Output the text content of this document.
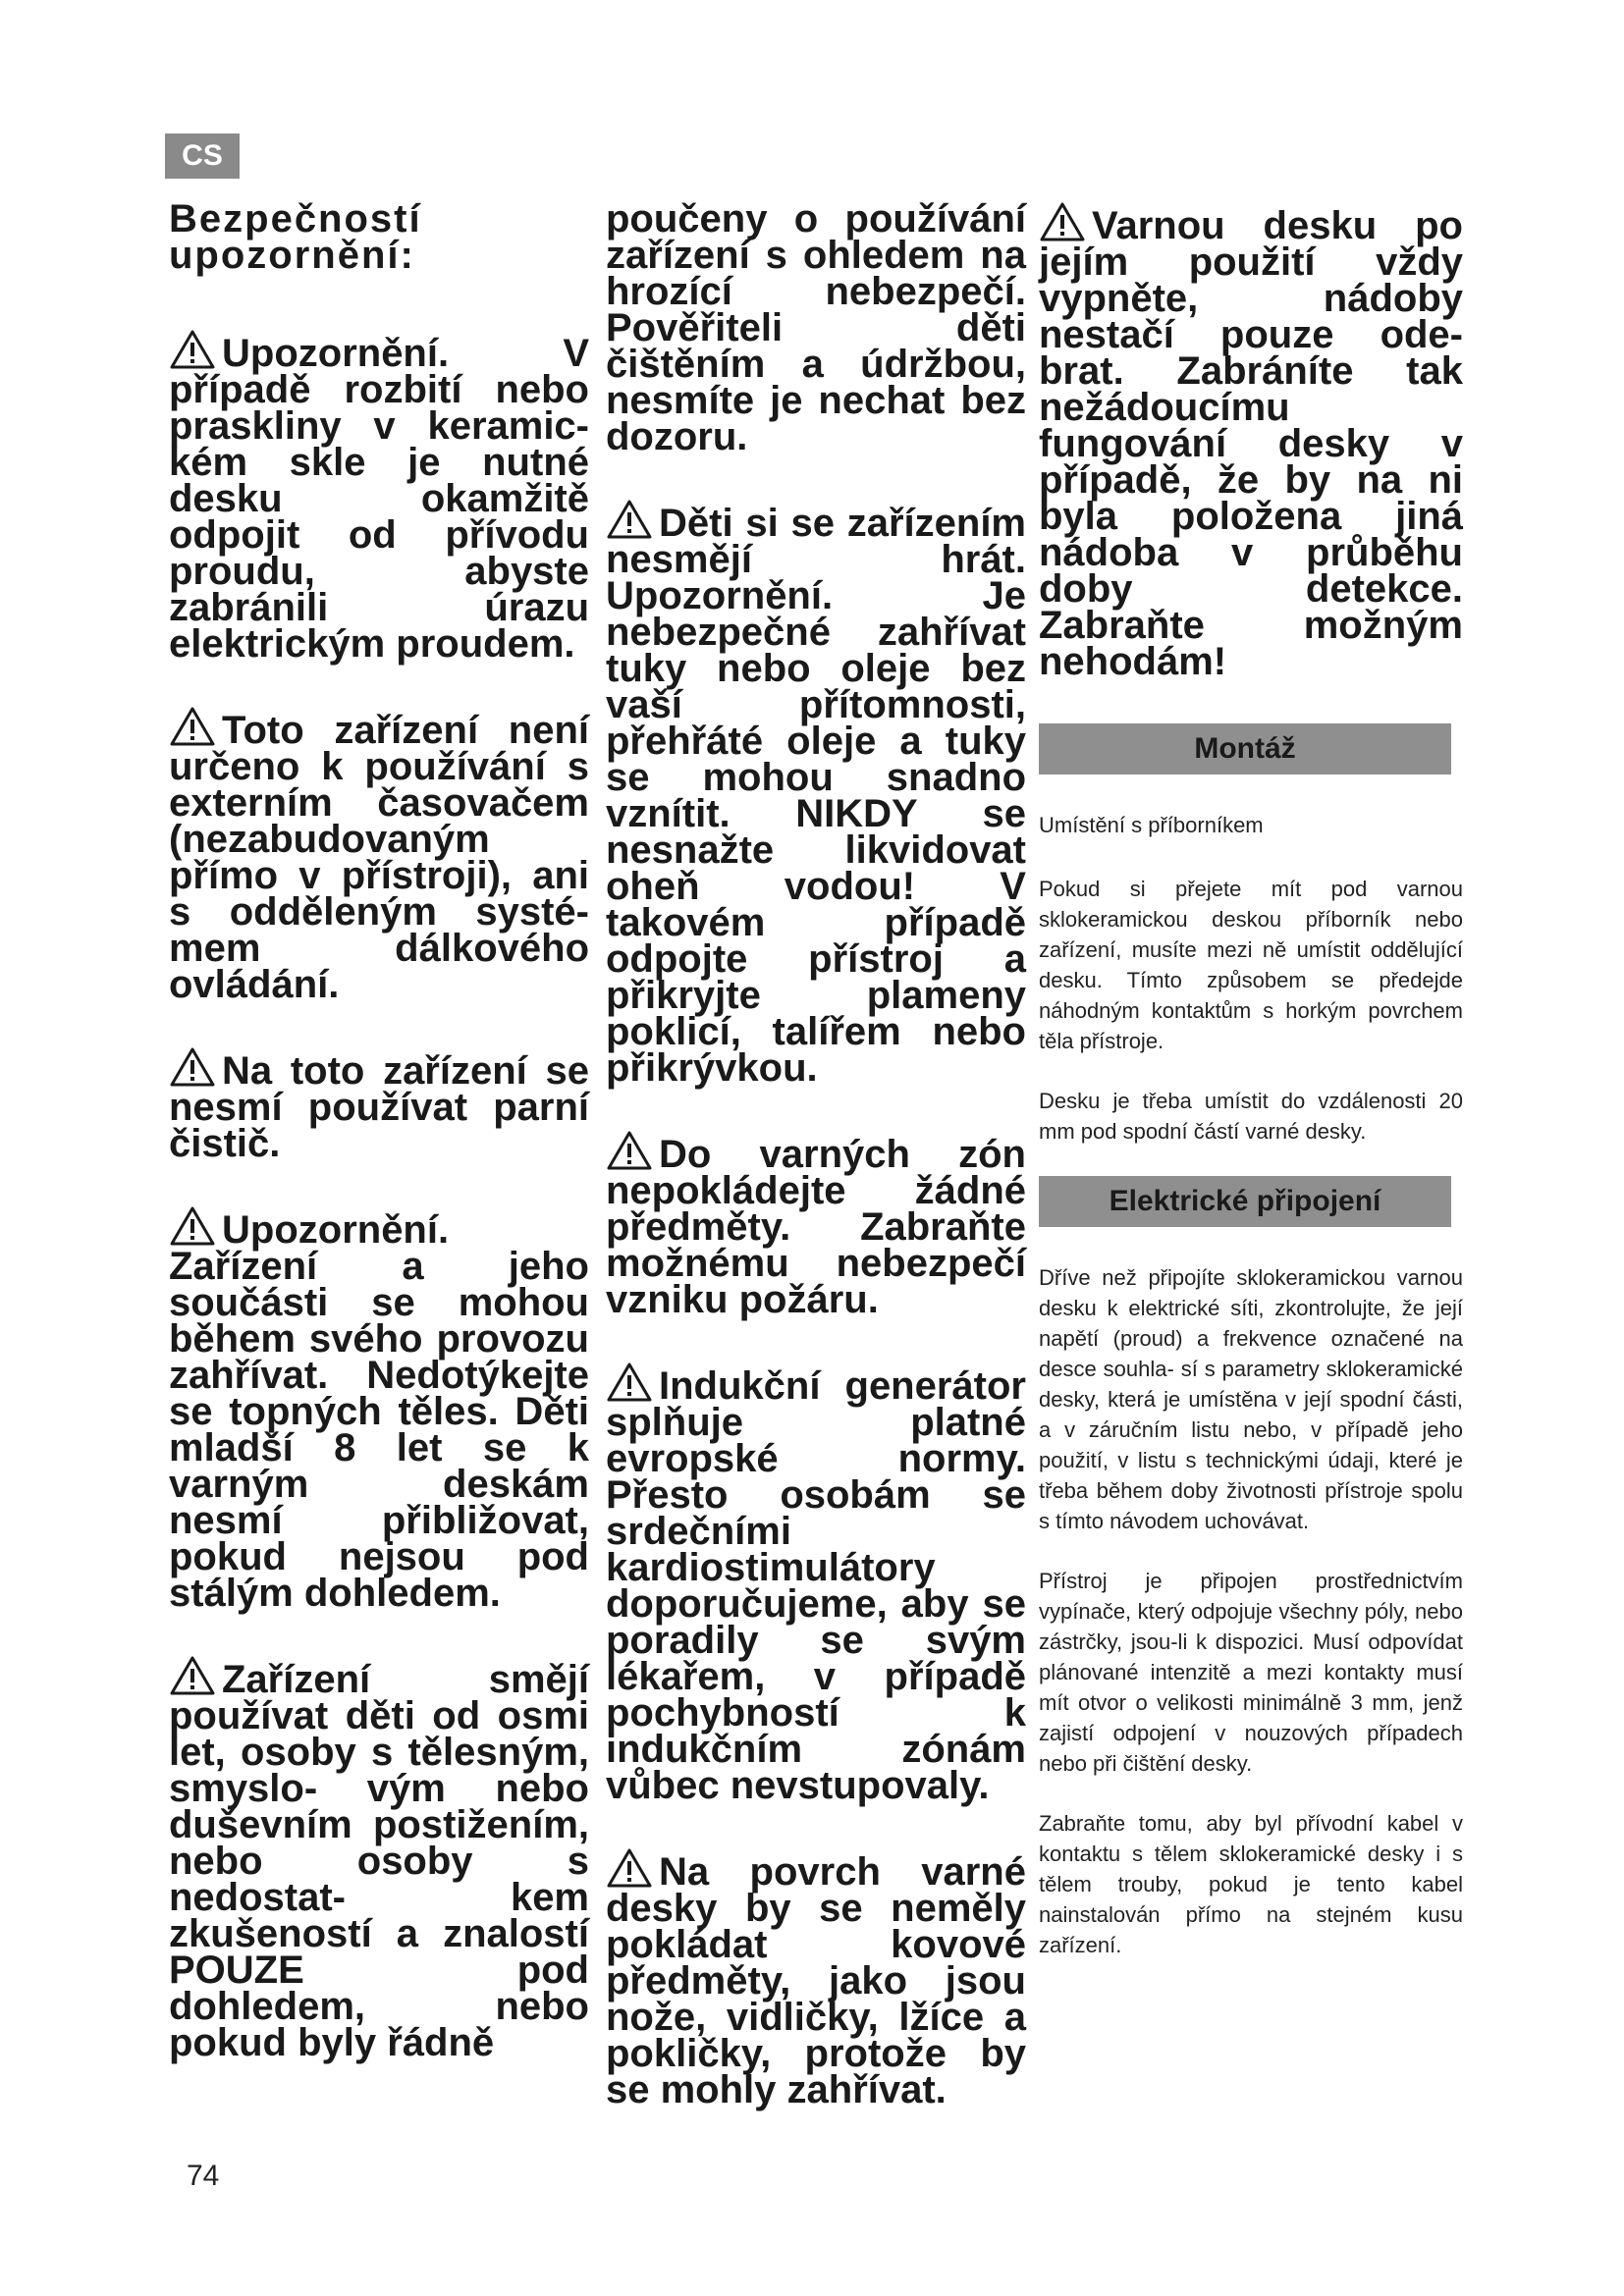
CS

Bezpečností upozornění:

Upozornění. V případě rozbití nebo praskliny v keramic- kém skle je nutné desku okamžitě odpojit od přívodu proudu, abyste zabránili úrazu elektrickým proudem.

Toto zařízení není určeno k používání s externím časovačem (nezabudovaným přímo v přístroji), ani s odděleným systé- mem dálkového ovládání.

Na toto zařízení se nesmí používat parní čistič.

Upozornění. Zařízení a jeho součásti se mohou během svého provozu zahřívat. Nedotýkejte se topných těles. Děti mladší 8 let se k varným deskám nesmí přibližovat, pokud nejsou pod stálým dohledem.

Zařízení smějí používat děti od osmi let, osoby s tělesným, smyslo- vým nebo duševním postižením, nebo osoby s nedostat- kem zkušeností a znalostí POUZE pod dohledem, nebo pokud byly řádně

poučeny o používání zařízení s ohledem na hrozící nebezpečí. Pověřiteli děti čištěním a údržbou, nesmíte je nechat bez dozoru.

Děti si se zařízením nesmějí hrát. Upozornění. Je nebezpečné zahřívat tuky nebo oleje bez vaší přítomnosti, přehřáté oleje a tuky se mohou snadno vznítit. NIKDY se nesnažte likvidovat oheň vodou! V takovém případě odpojte přístroj a přikryjte plameny poklicí, talířem nebo přikrývkou.

Do varných zón nepokládejte žádné předměty. Zabraňte možnému nebezpečí vzniku požáru.

Indukční generátor splňuje platné evropské normy. Přesto osobám se srdečními kardiostimulátory doporučujeme, aby se poradily se svým lékařem, v případě pochybností k indukčním zónám vůbec nevstupovaly.

Na povrch varné desky by se neměly pokládat kovové předměty, jako jsou nože, vidličky, lžíce a pokličky, protože by se mohly zahřívat.

Varnou desku po jejím použití vždy vypněte, nádoby nestačí pouze ode- brat. Zabráníte tak nežádoucímu fungování desky v případě, že by na ni byla položena jiná nádoba v průběhu doby detekce. Zabraňte možným nehodám!

Montáž

Umístění s příborníkem

Pokud si přejete mít pod varnou sklokeramickou deskou příborník nebo zařízení, musíte mezi ně umístit oddělující desku. Tímto způsobem se předejde náhodným kontaktům s horkým povrchem těla přístroje.

Desku je třeba umístit do vzdálenosti 20 mm pod spodní částí varné desky.

Elektrické připojení

Dříve než připojíte sklokeramickou varnou desku k elektrické síti, zkontrolujte, že její napětí (proud) a frekvence označené na desce souhla- sí s parametry sklokeramické desky, která je umístěna v její spodní části, a v záručním listu nebo, v případě jeho použití, v listu s technickými údaji, které je třeba během doby životnosti přístroje spolu s tímto návodem uchovávat.

Přístroj je připojen prostřednictvím vypínače, který odpojuje všechny póly, nebo zástrčky, jsou-li k dispozici. Musí odpovídat plánované intenzitě a mezi kontakty musí mít otvor o velikosti minimálně 3 mm, jenž zajistí odpojení v nouzových případech nebo při čištění desky.

Zabraňte tomu, aby byl přívodní kabel v kontaktu s tělem sklokeramické desky i s tělem trouby, pokud je tento kabel nainstalován přímo na stejném kusu zařízení.

74
